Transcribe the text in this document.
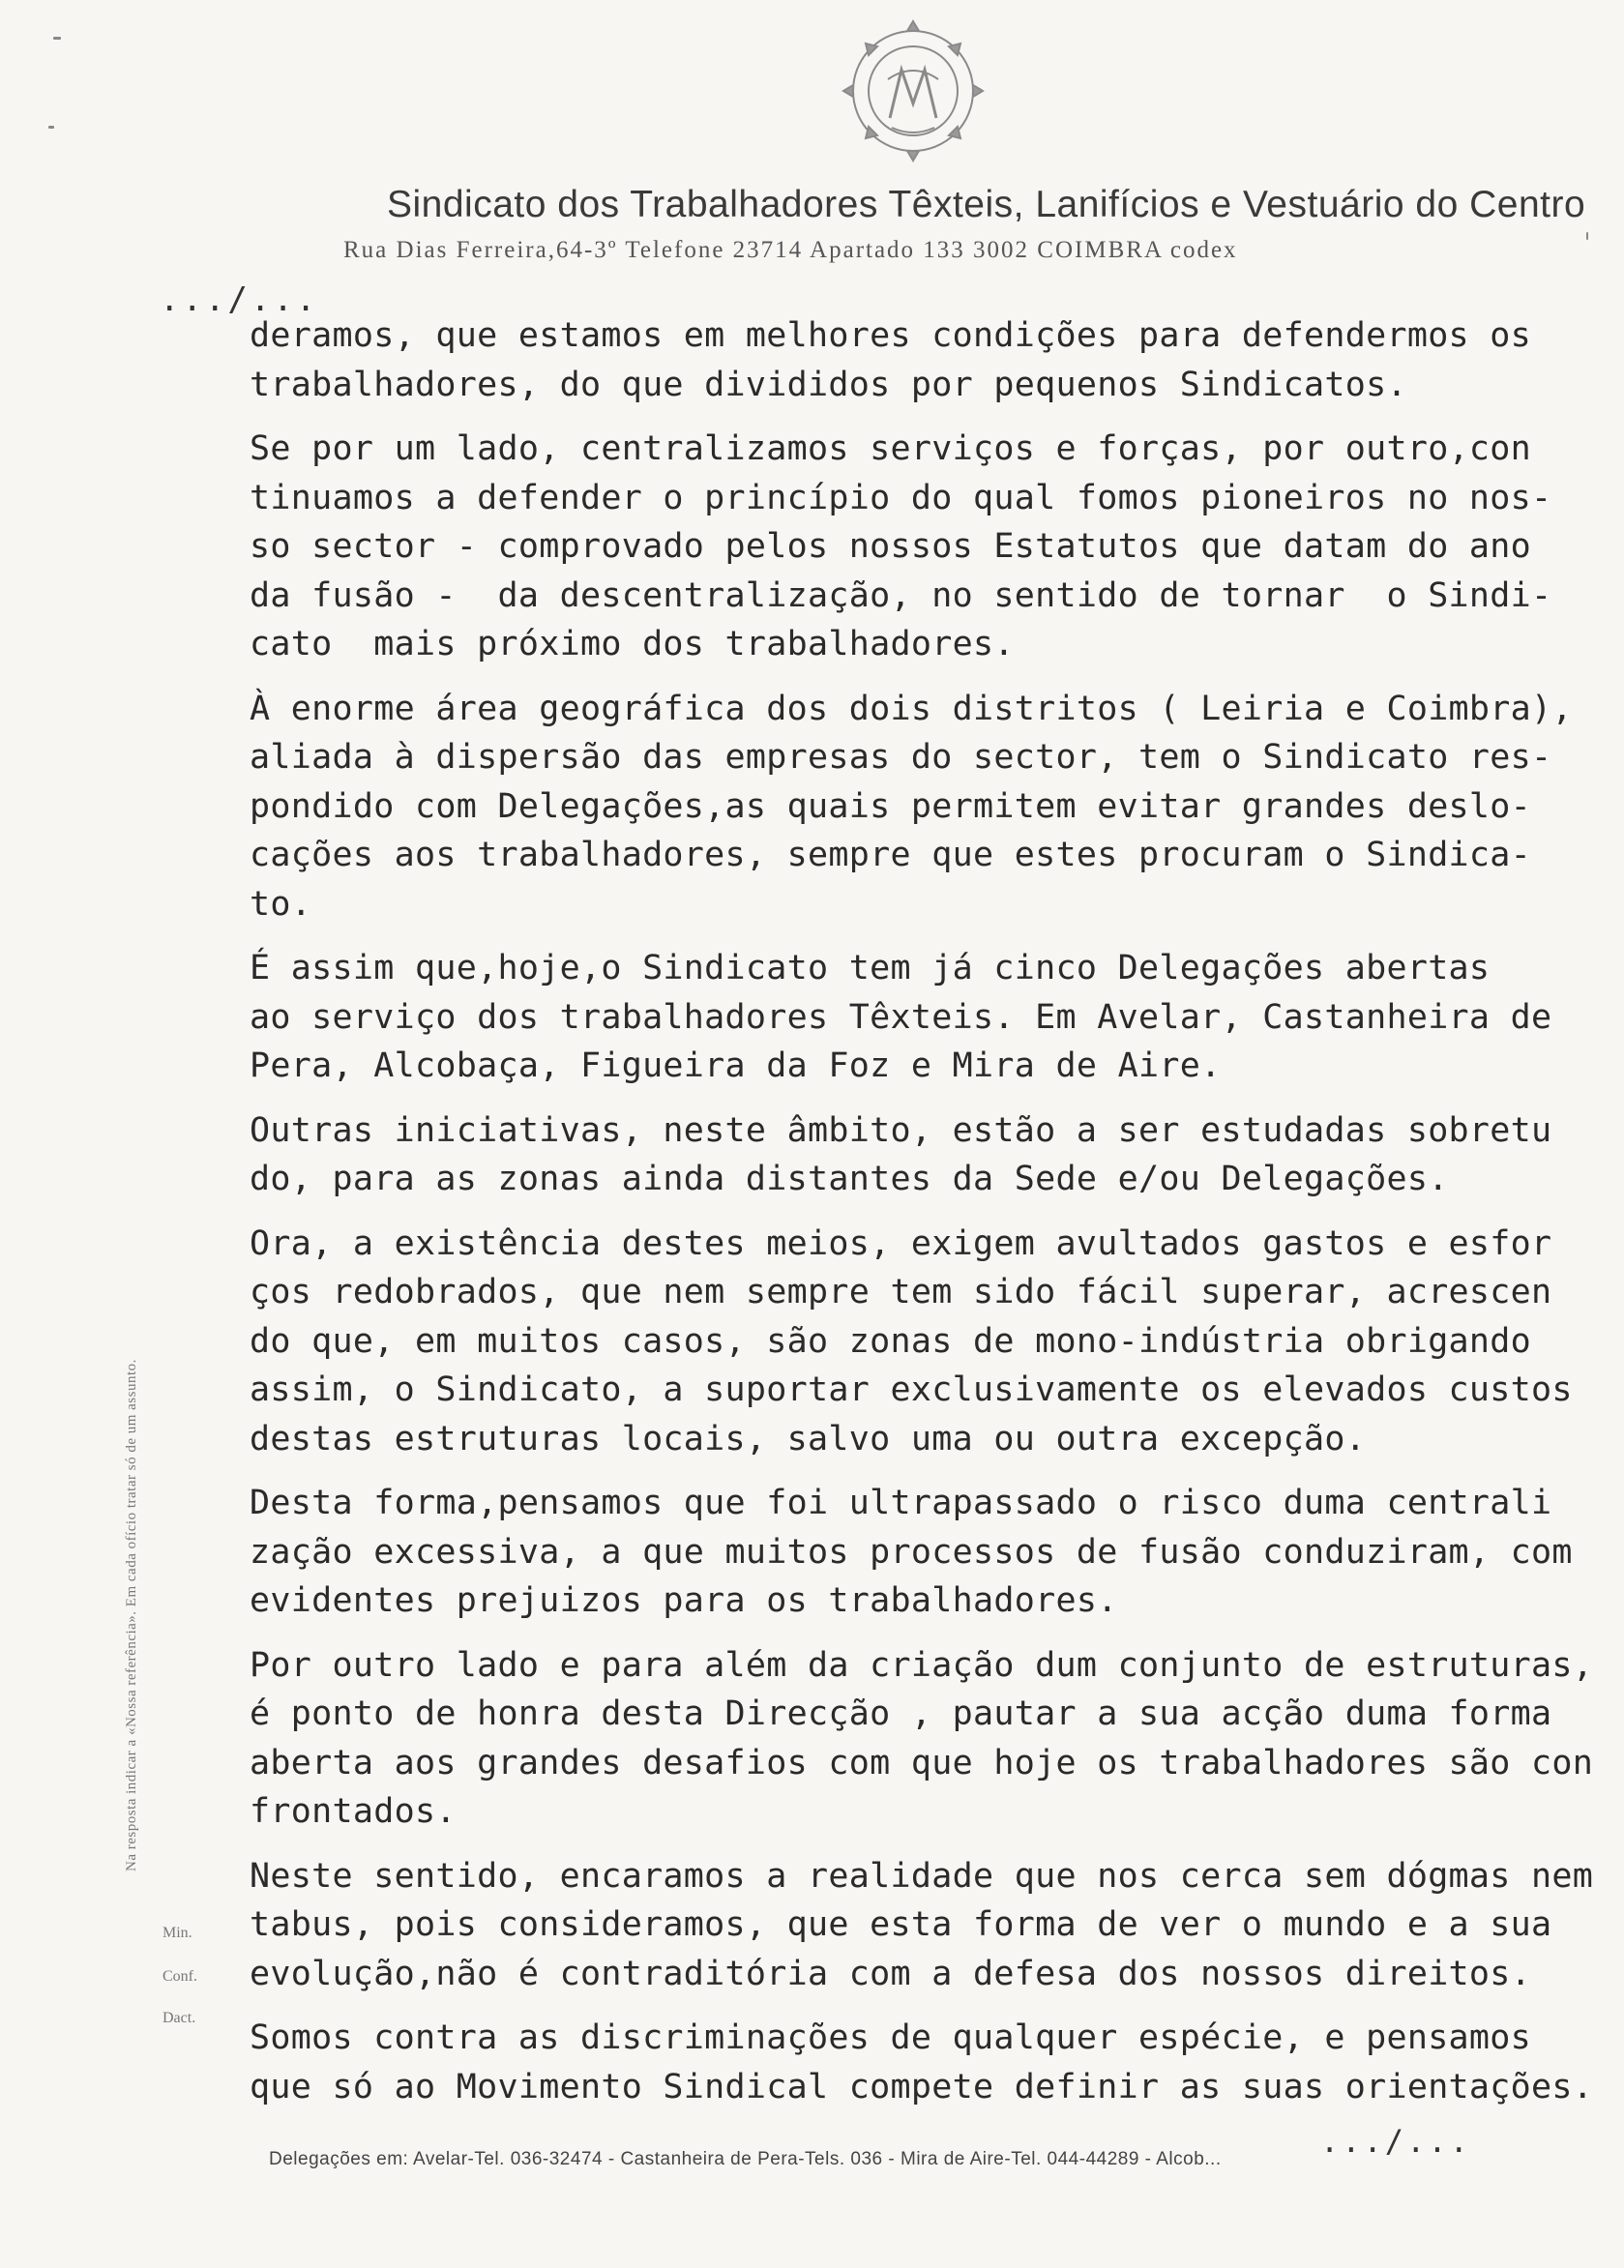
Sindicato dos Trabalhadores Têxteis, Lanifícios e Vestuário do Centro
Rua Dias Ferreira,64-3º Telefone 23714 Apartado 133 3002 COIMBRA codex
.../...
deramos, que estamos em melhores condições para defendermos os
trabalhadores, do que divididos por pequenos Sindicatos.
Se por um lado, centralizamos serviços e forças, por outro,con
tinuamos a defender o princípio do qual fomos pioneiros no nos-
so sector - comprovado pelos nossos Estatutos que datam do ano
da fusão -  da descentralização, no sentido de tornar  o Sindi-
cato  mais próximo dos trabalhadores.
À enorme área geográfica dos dois distritos ( Leiria e Coimbra),
aliada à dispersão das empresas do sector, tem o Sindicato res-
pondido com Delegações,as quais permitem evitar grandes deslo-
cações aos trabalhadores, sempre que estes procuram o Sindica-
to.
É assim que,hoje,o Sindicato tem já cinco Delegações abertas
ao serviço dos trabalhadores Têxteis. Em Avelar, Castanheira de
Pera, Alcobaça, Figueira da Foz e Mira de Aire.
Outras iniciativas, neste âmbito, estão a ser estudadas sobretu
do, para as zonas ainda distantes da Sede e/ou Delegações.
Ora, a existência destes meios, exigem avultados gastos e esfor
ços redobrados, que nem sempre tem sido fácil superar, acrescen
do que, em muitos casos, são zonas de mono-indústria obrigando
assim, o Sindicato, a suportar exclusivamente os elevados custos
destas estruturas locais, salvo uma ou outra excepção.
Desta forma,pensamos que foi ultrapassado o risco duma centrali
zação excessiva, a que muitos processos de fusão conduziram, com
evidentes prejuizos para os trabalhadores.
Por outro lado e para além da criação dum conjunto de estruturas,
é ponto de honra desta Direcção , pautar a sua acção duma forma
aberta aos grandes desafios com que hoje os trabalhadores são con
frontados.
Neste sentido, encaramos a realidade que nos cerca sem dógmas nem
tabus, pois consideramos, que esta forma de ver o mundo e a sua
evolução,não é contraditória com a defesa dos nossos direitos.
Somos contra as discriminações de qualquer espécie, e pensamos
que só ao Movimento Sindical compete definir as suas orientações.
Na resposta indicar a «Nossa referência». Em cada ofício tratar só de um assunto.
Min.
Conf.
Dact.
.../...
Delegações em: Avelar-Tel. 036-32474 - Castanheira de Pera-Tels. 036 - Mira de Aire-Tel. 044-44289 - Alcob...
